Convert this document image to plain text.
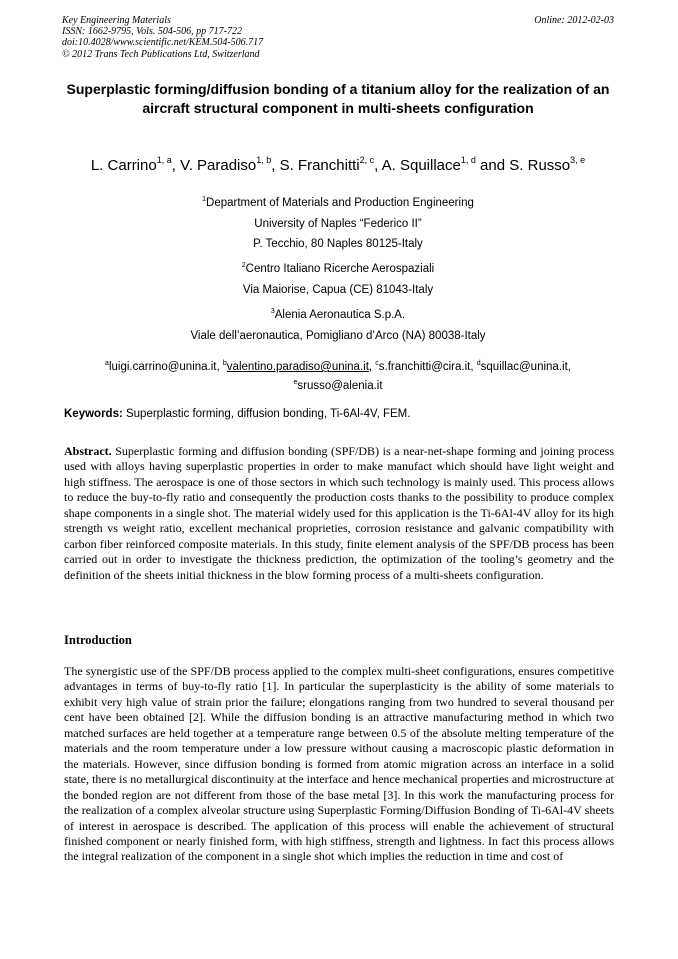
Key Engineering Materials
ISSN: 1662-9795, Vols. 504-506, pp 717-722
doi:10.4028/www.scientific.net/KEM.504-506.717
© 2012 Trans Tech Publications Ltd, Switzerland
Online: 2012-02-03
Superplastic forming/diffusion bonding of a titanium alloy for the realization of an aircraft structural component in multi-sheets configuration
L. Carrino$^{1, a}$, V. Paradiso$^{1, b}$, S. Franchitti$^{2, c}$, A. Squillace$^{1, d}$ and S. Russo$^{3, e}$
$^1$Department of Materials and Production Engineering
University of Naples “Federico II”
P. Tecchio, 80 Naples 80125-Italy
$^2$Centro Italiano Ricerche Aerospaziali
Via Maiorise, Capua (CE) 81043-Italy
$^3$Alenia Aeronautica S.p.A.
Viale dell’aeronautica, Pomigliano d’Arco (NA) 80038-Italy
$^a$luigi.carrino@unina.it, $^b$valentino.paradiso@unina.it, $^c$s.franchitti@cira.it, $^d$squillac@unina.it,
$^e$srusso@alenia.it
Keywords: Superplastic forming, diffusion bonding, Ti-6Al-4V, FEM.
Abstract. Superplastic forming and diffusion bonding (SPF/DB) is a near-net-shape forming and joining process used with alloys having superplastic properties in order to make manufact which should have light weight and high stiffness. The aerospace is one of those sectors in which such technology is mainly used. This process allows to reduce the buy-to-fly ratio and consequently the production costs thanks to the possibility to produce complex shape components in a single shot. The material widely used for this application is the Ti-6Al-4V alloy for its high strength vs weight ratio, excellent mechanical proprieties, corrosion resistance and galvanic compatibility with carbon fiber reinforced composite materials. In this study, finite element analysis of the SPF/DB process has been carried out in order to investigate the thickness prediction, the optimization of the tooling’s geometry and the definition of the sheets initial thickness in the blow forming process of a multi-sheets configuration.
Introduction
The synergistic use of the SPF/DB process applied to the complex multi-sheet configurations, ensures competitive advantages in terms of buy-to-fly ratio [1]. In particular the superplasticity is the ability of some materials to exhibit very high value of strain prior the failure; elongations ranging from two hundred to several thousand per cent have been obtained [2]. While the diffusion bonding is an attractive manufacturing method in which two matched surfaces are held together at a temperature range between 0.5 of the absolute melting temperature of the materials and the room temperature under a low pressure without causing a macroscopic plastic deformation in the materials. However, since diffusion bonding is formed from atomic migration across an interface in a solid state, there is no metallurgical discontinuity at the interface and hence mechanical properties and microstructure at the bonded region are not different from those of the base metal [3]. In this work the manufacturing process for the realization of a complex alveolar structure using Superplastic Forming/Diffusion Bonding of Ti-6Al-4V sheets of interest in aerospace is described. The application of this process will enable the achievement of structural finished component or nearly finished form, with high stiffness, strength and lightness. In fact this process allows the integral realization of the component in a single shot which implies the reduction in time and cost of
